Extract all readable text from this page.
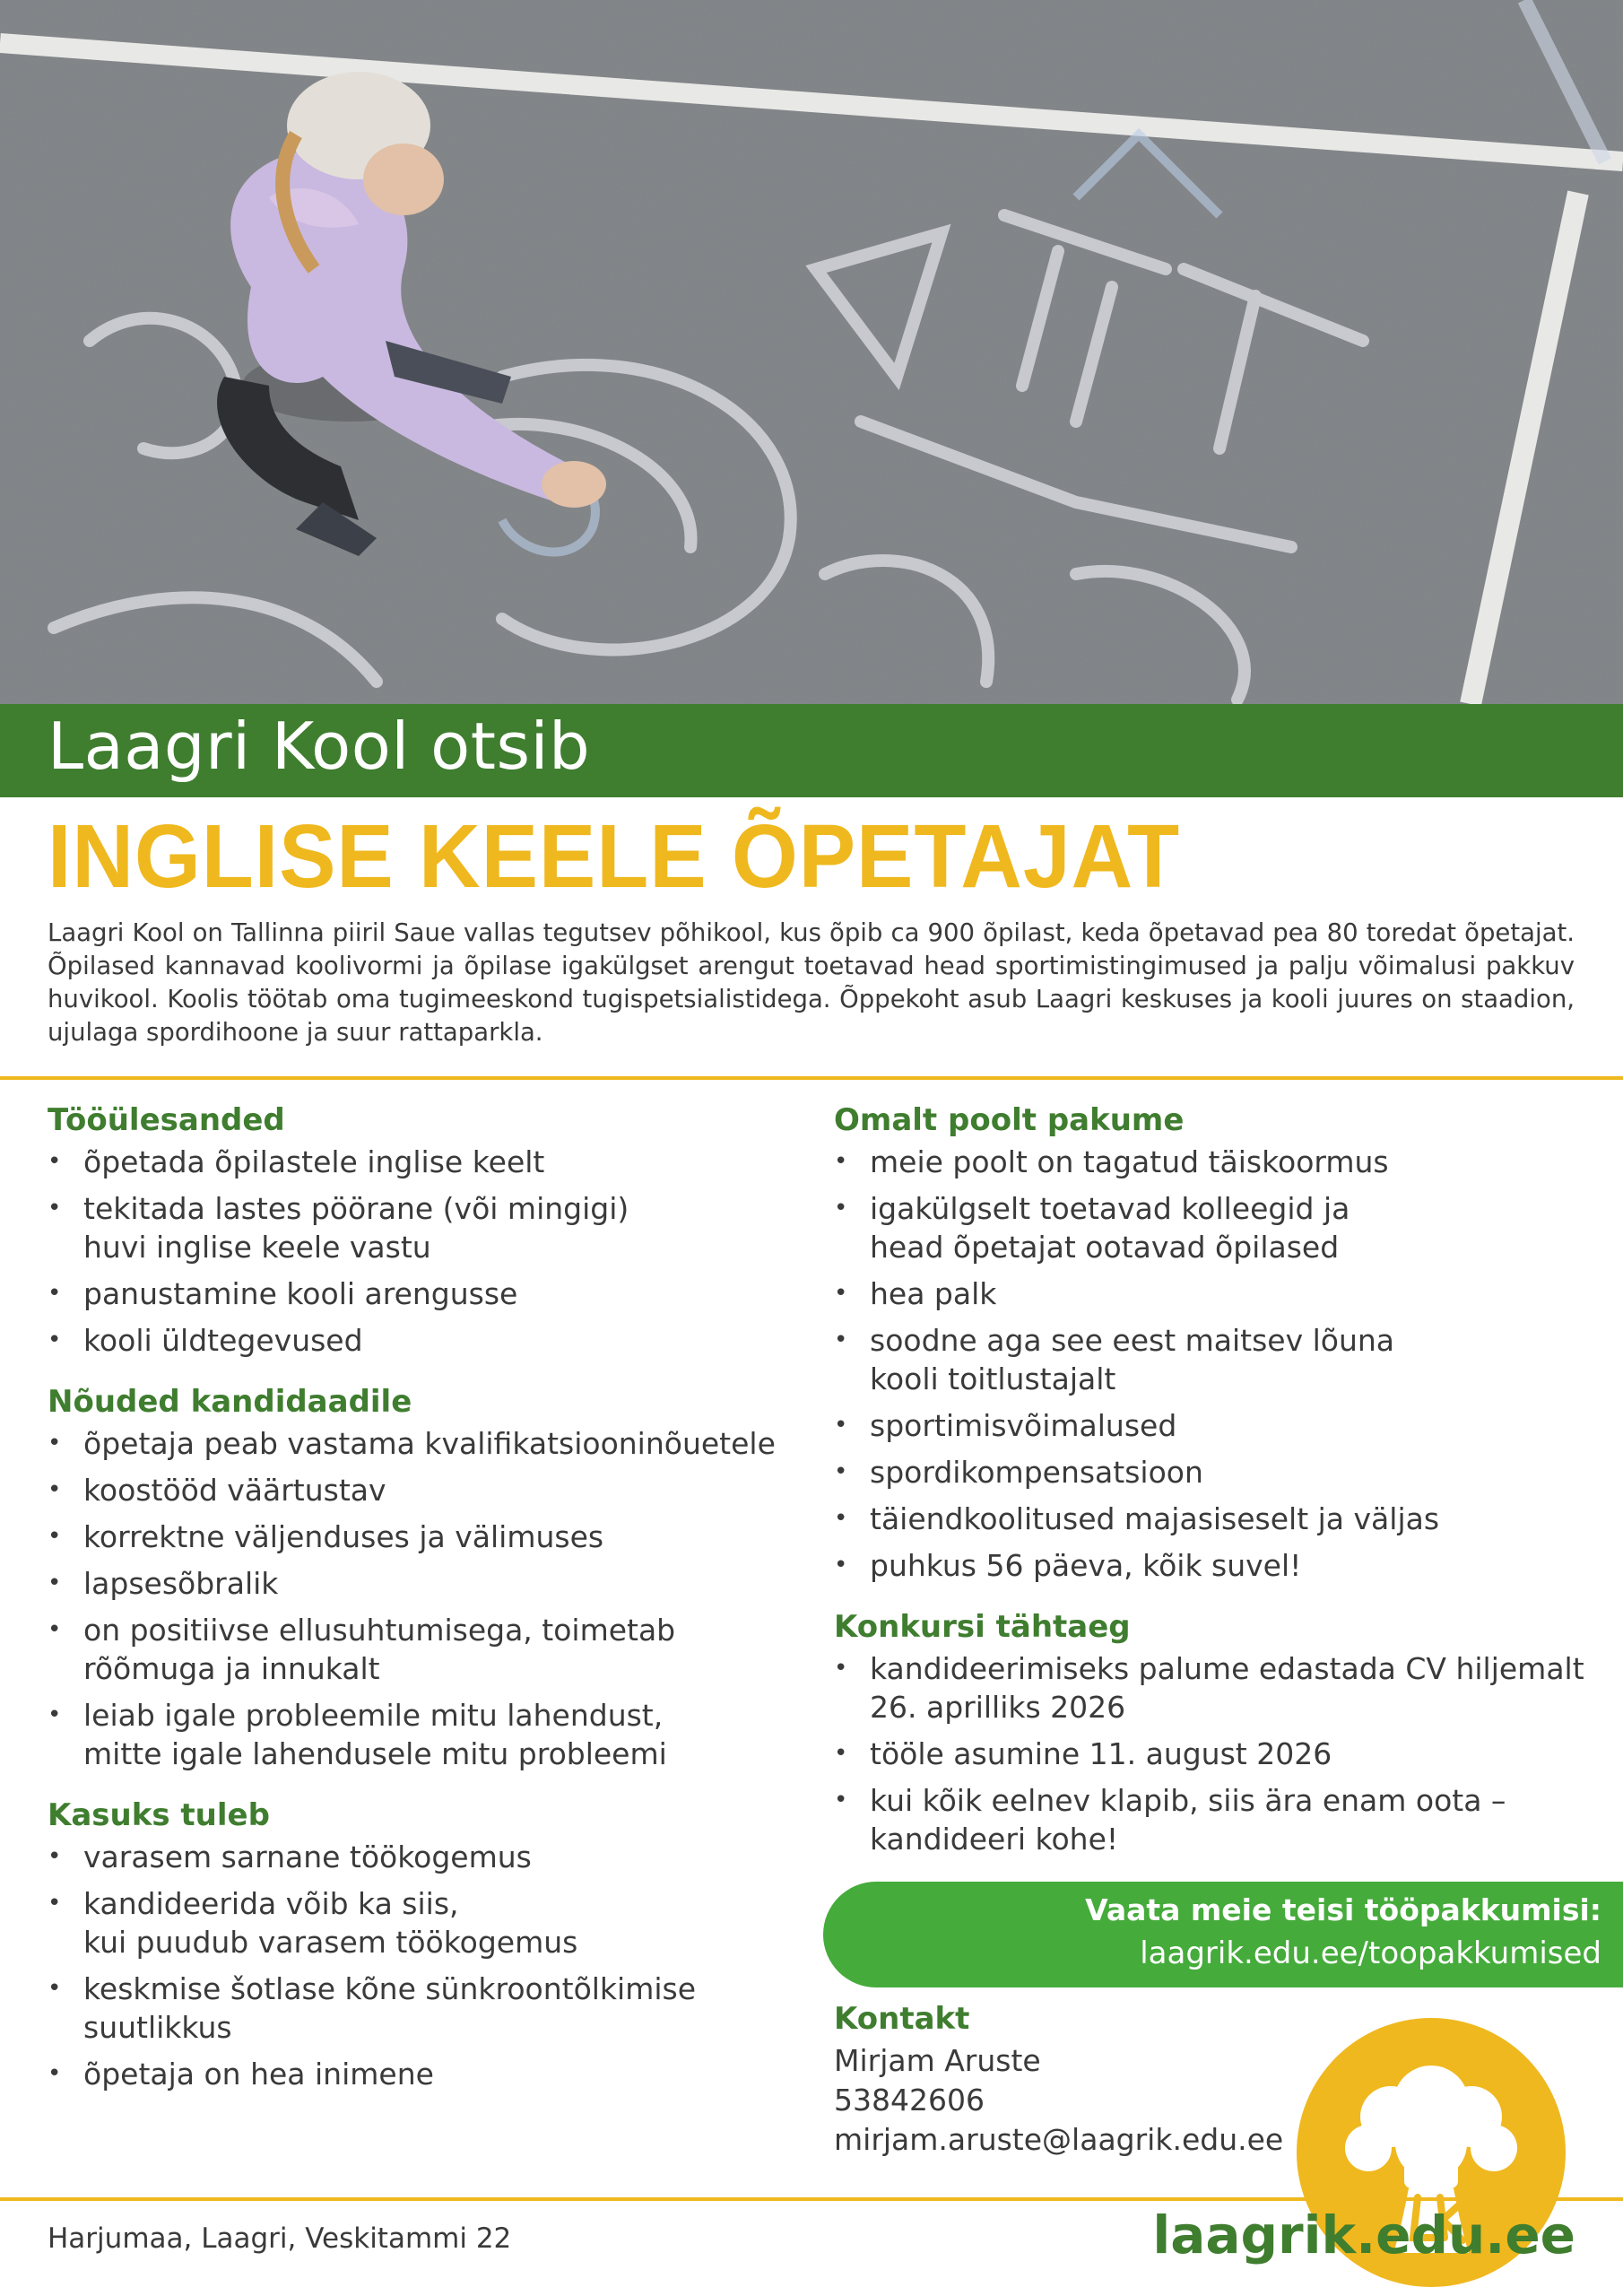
Laagri Kool otsib
INGLISE KEELE ÕPETAJAT
Laagri Kool on Tallinna piiril Saue vallas tegutsev põhikool, kus õpib ca 900 õpilast, keda õpetavad pea 80 toredat õpetajat. Õpilased kannavad koolivormi ja õpilase igakülgset arengut toetavad head sportimistingimused ja palju võimalusi pakkuv huvikool. Koolis töötab oma tugimeeskond tugispetsialistidega. Õppekoht asub Laagri keskuses ja kooli juures on staadion, ujulaga spordihoone ja suur rattaparkla.
Tööülesanded
• õpetada õpilastele inglise keelt
• tekitada lastes pöörane (või mingigi)
huvi inglise keele vastu
• panustamine kooli arengusse
• kooli üldtegevused
Nõuded kandidaadile
• õpetaja peab vastama kvalifikatsiooninõuetele
• koostööd väärtustav
• korrektne väljenduses ja välimuses
• lapsesõbralik
• on positiivse ellusuhtumisega, toimetab
rõõmuga ja innukalt
• leiab igale probleemile mitu lahendust,
mitte igale lahendusele mitu probleemi
Kasuks tuleb
• varasem sarnane töökogemus
• kandideerida võib ka siis,
kui puudub varasem töökogemus
• keskmise šotlase kõne sünkroontõlkimise
suutlikkus
• õpetaja on hea inimene
Omalt poolt pakume
• meie poolt on tagatud täiskoormus
• igakülgselt toetavad kolleegid ja
head õpetajat ootavad õpilased
• hea palk
• soodne aga see eest maitsev lõuna
kooli toitlustajalt
• sportimisvõimalused
• spordikompensatsioon
• täiendkoolitused majasiseselt ja väljas
• puhkus 56 päeva, kõik suvel!
Konkursi tähtaeg
• kandideerimiseks palume edastada CV hiljemalt
26. aprilliks 2026
• tööle asumine 11. august 2026
• kui kõik eelnev klapib, siis ära enam oota –
kandideeri kohe!
Vaata meie teisi tööpakkumisi:
laagrik.edu.ee/toopakkumised
Kontakt
Mirjam Aruste
53842606
mirjam.aruste@laagrik.edu.ee
Harjumaa, Laagri, Veskitammi 22	laagrik.edu.ee
